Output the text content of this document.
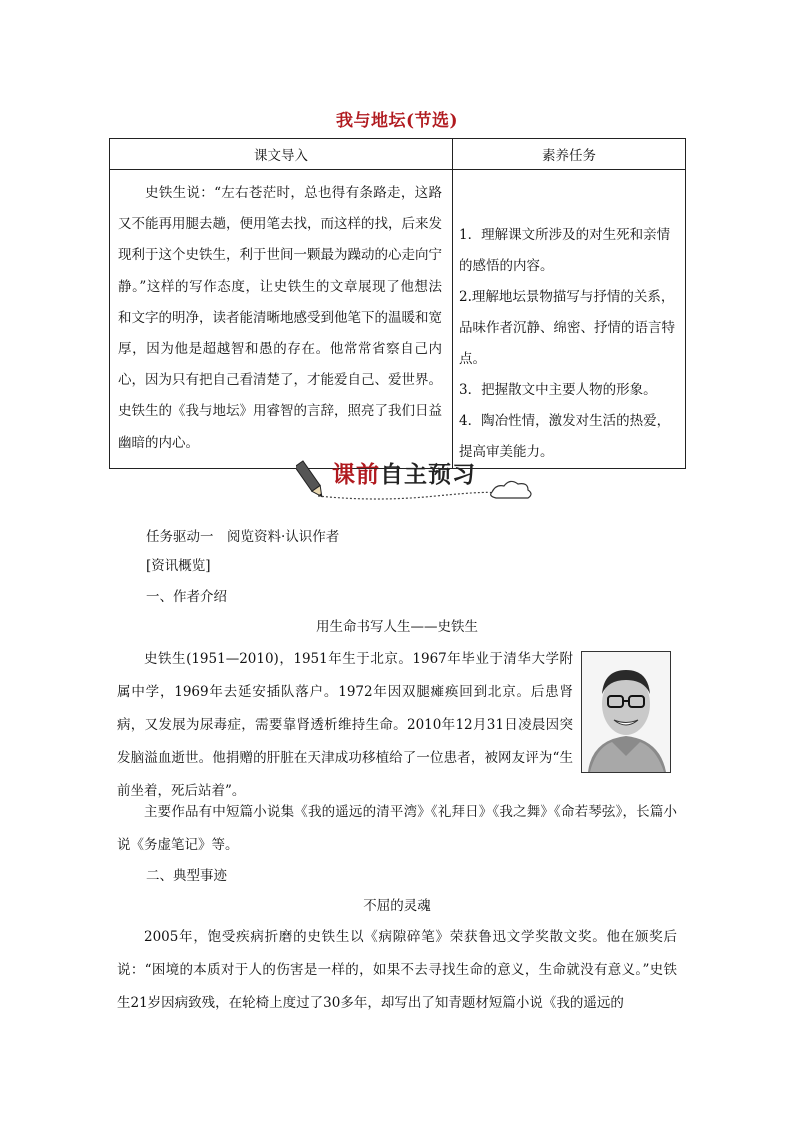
我与地坛(节选)
课文导入	素养任务

史铁生说：“左右苍茫时，总也得有条路走，这路又不能再用腿去趟，便用笔去找，而这样的找，后来发现利于这个史铁生，利于世间一颗最为躁动的心走向宁静。”这样的写作态度，让史铁生的文章展现了他想法和文字的明净，读者能清晰地感受到他笔下的温暖和宽厚，因为他是超越智和愚的存在。他常常省察自己内心，因为只有把自己看清楚了，才能爱自己、爱世界。史铁生的《我与地坛》用睿智的言辞，照亮了我们日益幽暗的内心。	1．理解课文所涉及的对生死和亲情的感悟的内容。
2.理解地坛景物描写与抒情的关系，品味作者沉静、绵密、抒情的语言特点。
3．把握散文中主要人物的形象。
4．陶冶性情，激发对生活的热爱，提高审美能力。
课前自主预习
任务驱动一　阅览资料·认识作者
[资讯概览]
一、作者介绍
用生命书写人生——史铁生
史铁生(1951—2010)，1951年生于北京。1967年毕业于清华大学附属中学，1969年去延安插队落户。1972年因双腿瘫痪回到北京。后患肾病，又发展为尿毒症，需要靠肾透析维持生命。2010年12月31日凌晨因突发脑溢血逝世。他捐赠的肝脏在天津成功移植给了一位患者，被网友评为“生前坐着，死后站着”。
主要作品有中短篇小说集《我的遥远的清平湾》《礼拜日》《我之舞》《命若琴弦》，长篇小说《务虚笔记》等。
二、典型事迹
不屈的灵魂
2005年，饱受疾病折磨的史铁生以《病隙碎笔》荣获鲁迅文学奖散文奖。他在颁奖后说：“困境的本质对于人的伤害是一样的，如果不去寻找生命的意义，生命就没有意义。”史铁生21岁因病致残，在轮椅上度过了30多年，却写出了知青题材短篇小说《我的遥远的
